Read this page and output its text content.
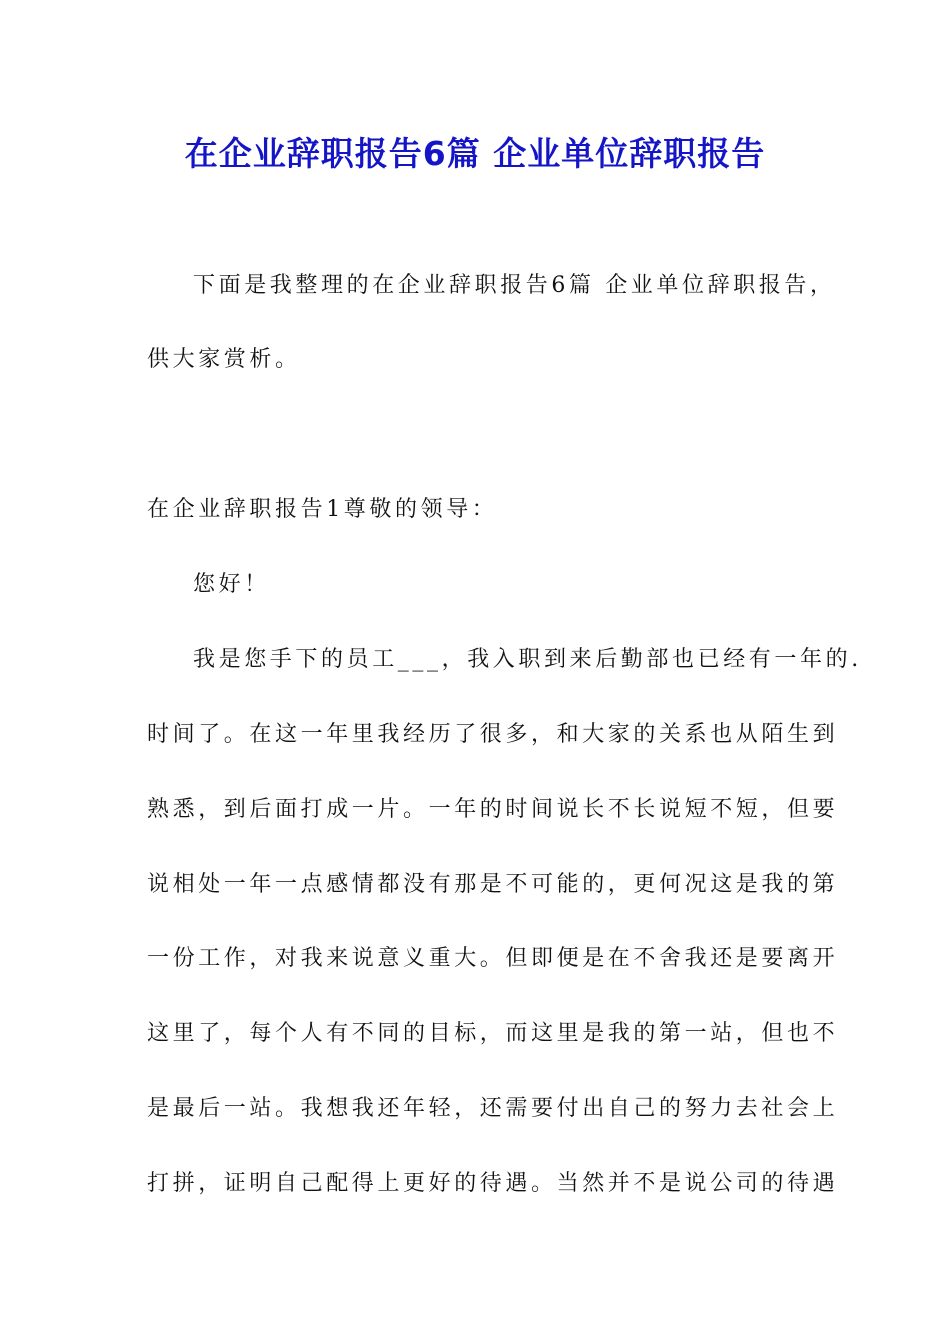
在企业辞职报告6篇 企业单位辞职报告
下面是我整理的在企业辞职报告6篇 企业单位辞职报告，
供大家赏析。
在企业辞职报告1尊敬的领导：
您好！
我是您手下的员工___，我入职到来后勤部也已经有一年的.
时间了。在这一年里我经历了很多，和大家的关系也从陌生到
熟悉，到后面打成一片。一年的时间说长不长说短不短，但要
说相处一年一点感情都没有那是不可能的，更何况这是我的第
一份工作，对我来说意义重大。但即便是在不舍我还是要离开
这里了，每个人有不同的目标，而这里是我的第一站，但也不
是最后一站。我想我还年轻，还需要付出自己的努力去社会上
打拼，证明自己配得上更好的待遇。当然并不是说公司的待遇
